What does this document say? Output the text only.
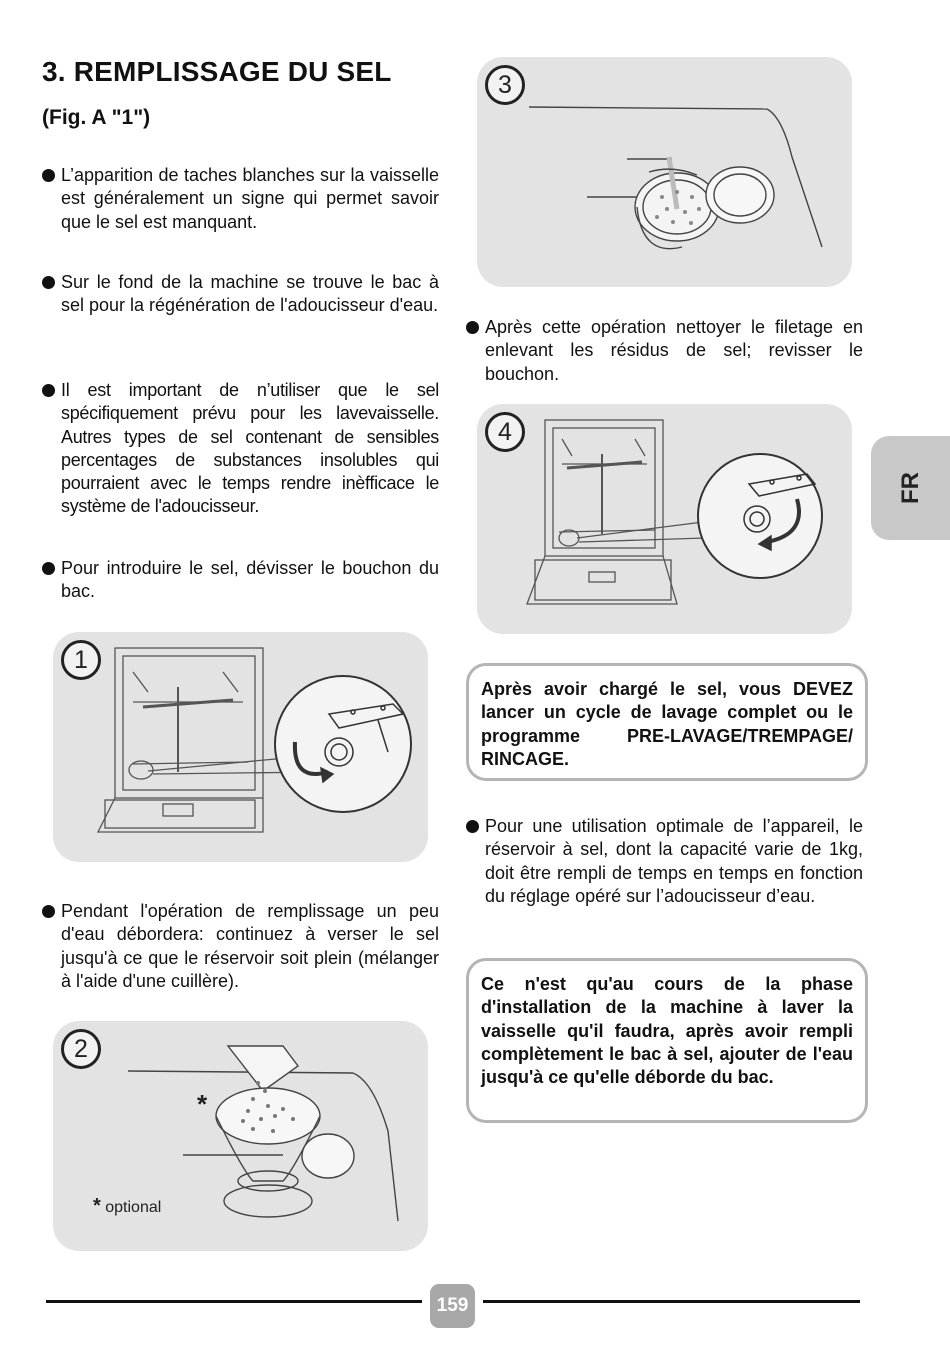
3. REMPLISSAGE DU SEL
(Fig. A "1")
L’apparition de taches blanches sur la vaisselle est généralement un signe qui permet savoir que le sel est manquant.
Sur le fond de la machine se trouve le bac à sel pour la régénération de l'adoucisseur d'eau.
Il est important de n’utiliser que le sel spécifiquement prévu pour les lavevaisselle. Autres types de sel contenant de sensibles percentages de substances insolubles qui pourraient avec le temps rendre inèfficace le système de l'adoucisseur.
Pour introduire le sel, dévisser le bouchon du bac.
1
Pendant l'opération de remplissage un peu d'eau débordera: continuez à verser le sel jusqu'à ce que le réservoir soit plein (mélanger à l'aide d'une cuillère).
2
*
* optional
3
Après cette opération nettoyer le filetage en enlevant les résidus de sel; revisser le bouchon.
4
Après avoir chargé le sel, vous DEVEZ lancer un cycle de lavage complet ou le programme PRE-LAVAGE/TREMPAGE/ RINCAGE.
Pour une utilisation optimale de l’appareil, le réservoir à sel, dont la capacité varie de 1kg, doit être rempli de temps en temps en fonction du réglage opéré sur l’adoucisseur d’eau.
Ce n'est qu'au cours de la phase d'installation de la machine à laver la vaisselle qu'il faudra, après avoir rempli complètement le bac à sel, ajouter de l'eau jusqu'à ce qu'elle déborde du bac.
FR
159
